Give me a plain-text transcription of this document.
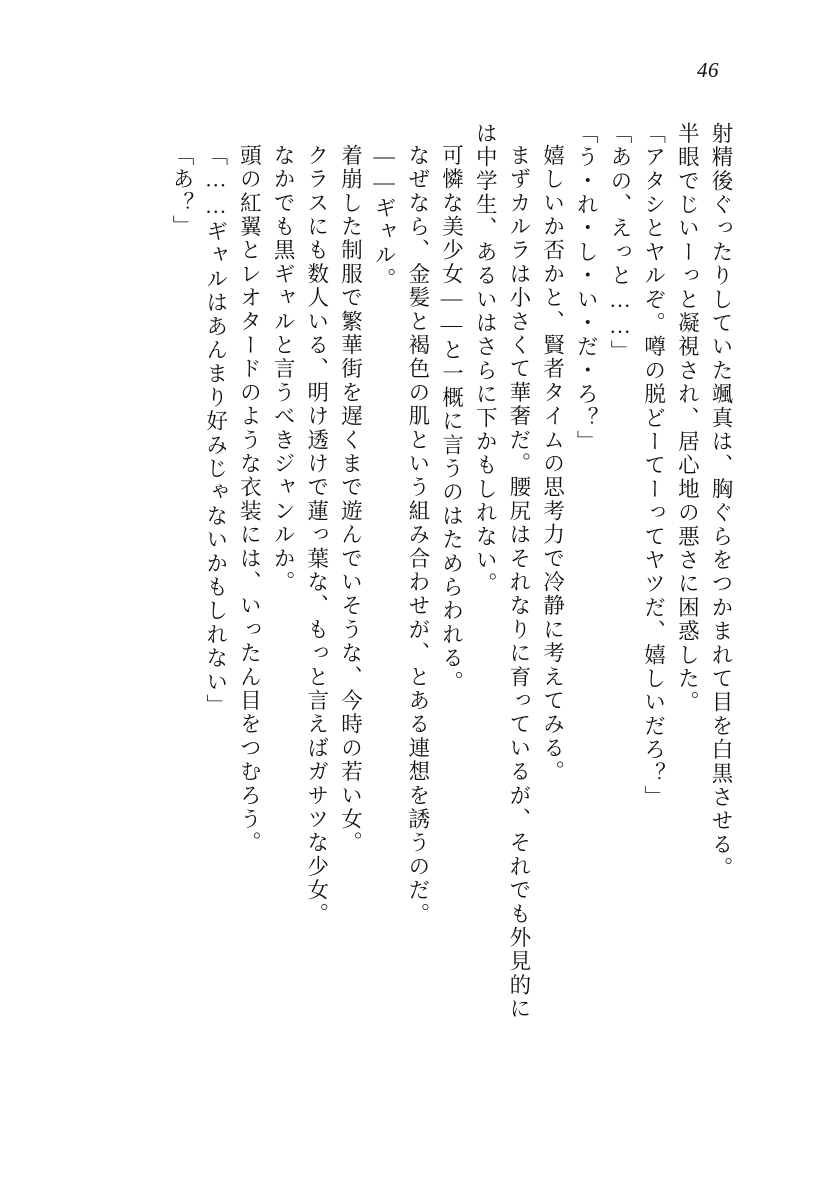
46
射精後ぐったりしていた颯真は、胸ぐらをつかまれて目を白黒させる。
半眼でじいーっと凝視され、居心地の悪さに困惑した。
「アタシとヤルぞ。噂の脱どーてーってヤツだ、嬉しいだろ？」
「あの、えっと……」
「う・れ・し・い・だ・ろ？」
嬉しいか否かと、賢者タイムの思考力で冷静に考えてみる。
まずカルラは小さくて華奢だ。腰尻はそれなりに育っているが、それでも外見的に
は中学生、あるいはさらに下かもしれない。
可憐な美少女――と一概に言うのはためらわれる。
なぜなら、金髪と褐色の肌という組み合わせが、とある連想を誘うのだ。
――ギャル。
着崩した制服で繁華街を遅くまで遊んでいそうな、今時の若い女。
クラスにも数人いる、明け透けで蓮っ葉な、もっと言えばガサツな少女。
なかでも黒ギャルと言うべきジャンルか。
頭の紅翼とレオタードのような衣装には、いったん目をつむろう。
「……ギャルはあんまり好みじゃないかもしれない」
「あ？」
